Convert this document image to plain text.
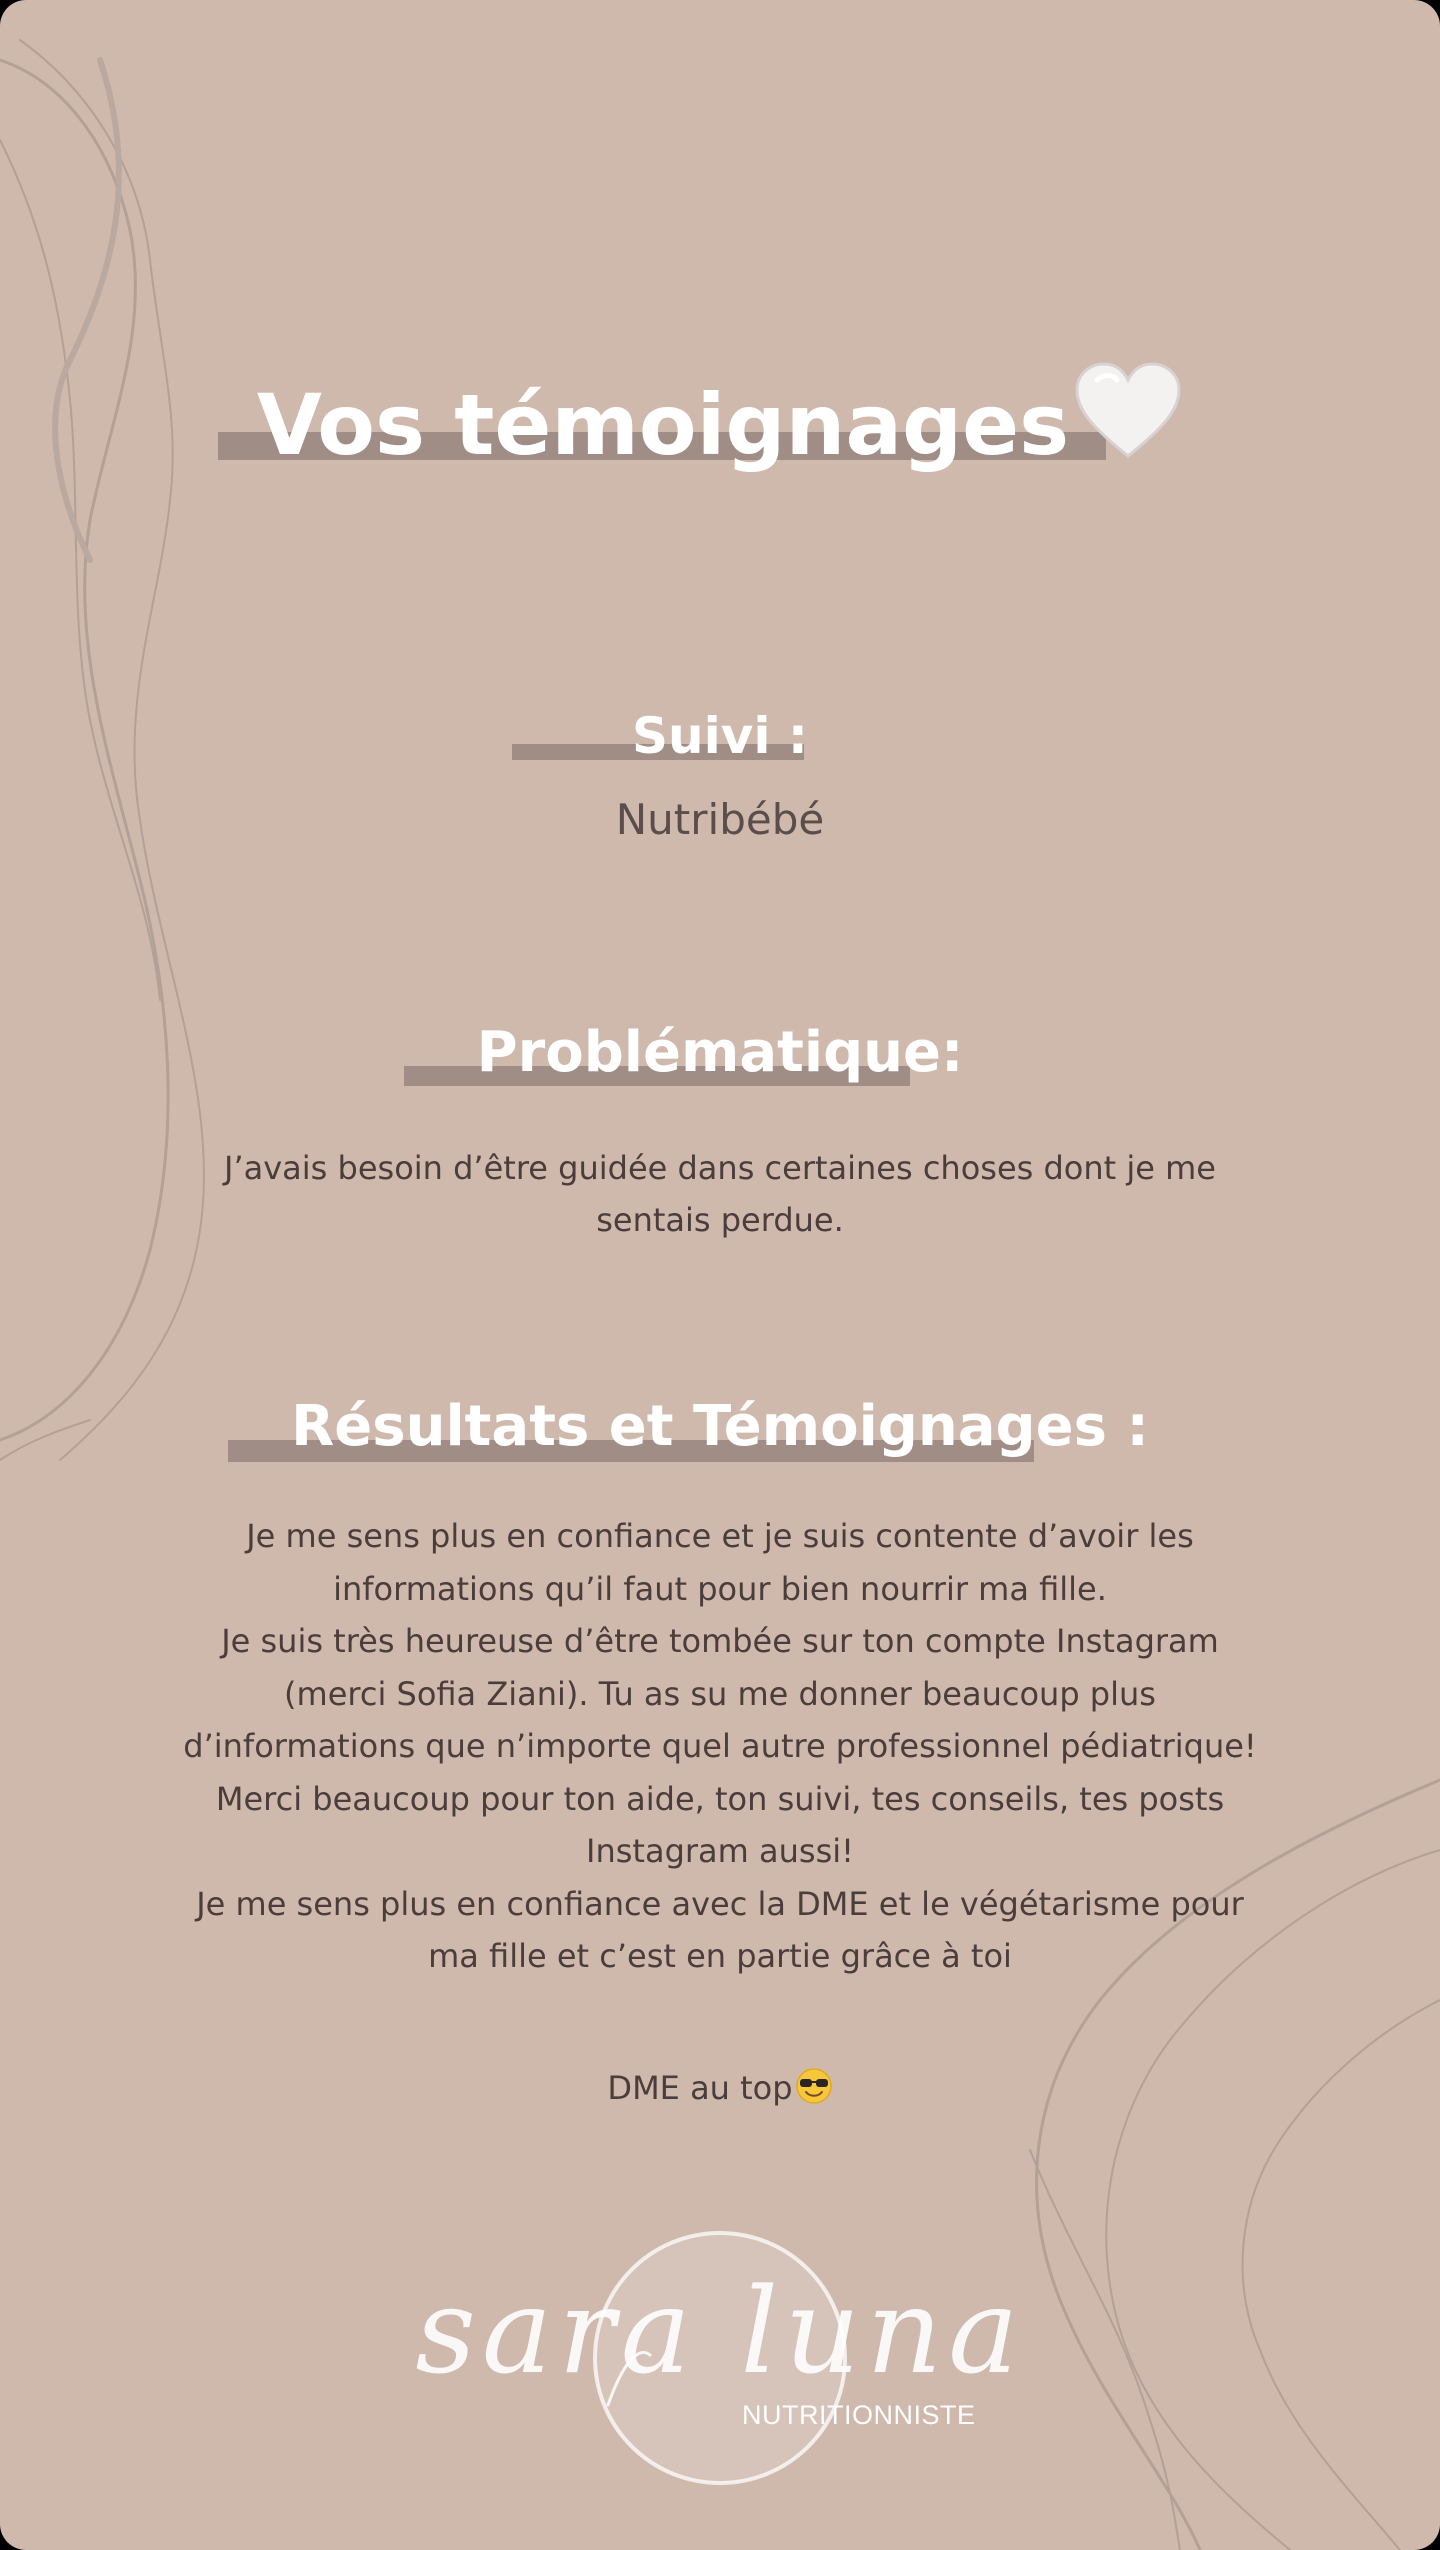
Vos témoignages
Suivi :
Nutribébé
Problématique:
J’avais besoin d’être guidée dans certaines choses dont je me
sentais perdue.
Résultats et Témoignages :
Je me sens plus en confiance et je suis contente d’avoir les
informations qu’il faut pour bien nourrir ma fille.
Je suis très heureuse d’être tombée sur ton compte Instagram
(merci Sofia Ziani). Tu as su me donner beaucoup plus
d’informations que n’importe quel autre professionnel pédiatrique!
Merci beaucoup pour ton aide, ton suivi, tes conseils, tes posts
Instagram aussi!
Je me sens plus en confiance avec la DME et le végétarisme pour
ma fille et c’est en partie grâce à toi

DME au top

sara luna
NUTRITIONNISTE
